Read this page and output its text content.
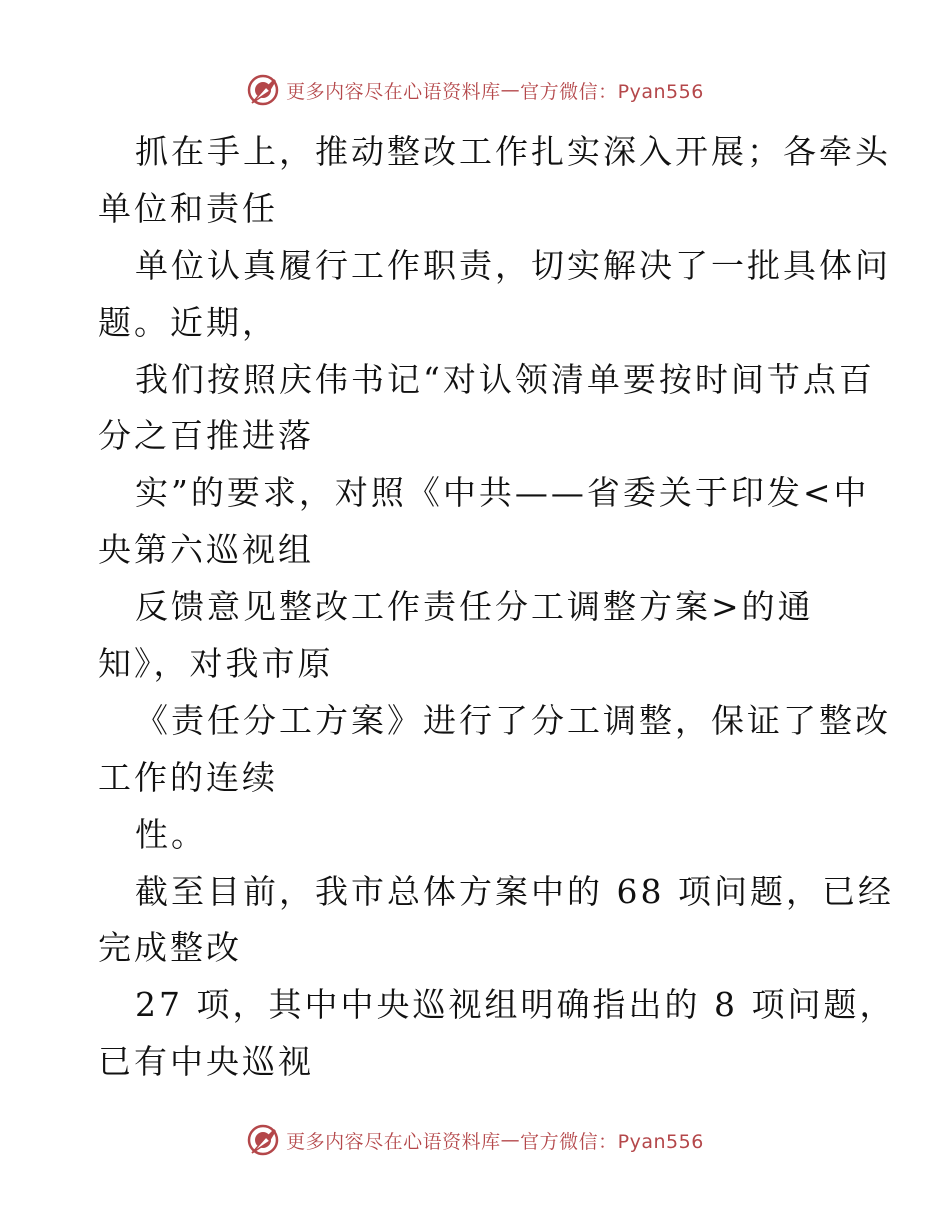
更多内容尽在心语资料库 — 官方微信：Pyan556
抓在手上，推动整改工作扎实深入开展；各牵头
单位和责任
单位认真履行工作职责，切实解决了一批具体问
题。近期，
我们按照庆伟书记“对认领清单要按时间节点百
分之百推进落
实”的要求，对照《中共——省委关于印发<中
央第六巡视组
反馈意见整改工作责任分工调整方案>的通
知》，对我市原
《责任分工方案》进行了分工调整，保证了整改
工作的连续
性。
截至目前，我市总体方案中的 68 项问题，已经
完成整改
27 项，其中中央巡视组明确指出的 8 项问题，
已有中央巡视
更多内容尽在心语资料库 — 官方微信：Pyan556
